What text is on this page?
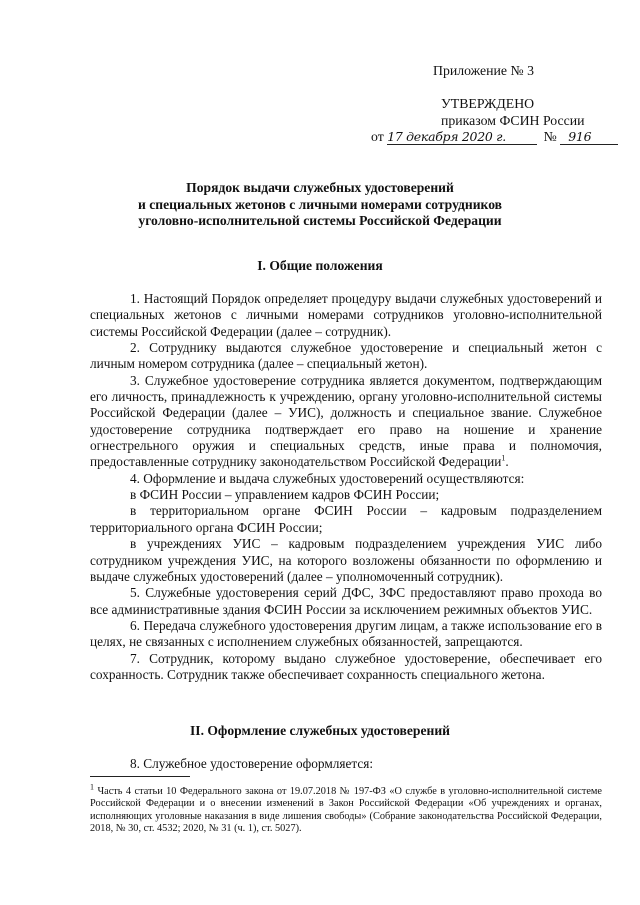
Приложение № 3
УТВЕРЖДЕНО
приказом ФСИН России
от 17 декабря 2020 г.	№ 916
Порядок выдачи служебных удостоверений
и специальных жетонов с личными номерами сотрудников
уголовно-исполнительной системы Российской Федерации
I. Общие положения

1. Настоящий Порядок определяет процедуру выдачи служебных удостоверений и специальных жетонов с личными номерами сотрудников уголовно-исполнительной системы Российской Федерации (далее – сотрудник).

2. Сотруднику выдаются служебное удостоверение и специальный жетон с личным номером сотрудника (далее – специальный жетон).

3. Служебное удостоверение сотрудника является документом, подтверждающим его личность, принадлежность к учреждению, органу уголовно-исполнительной системы Российской Федерации (далее – УИС), должность и специальное звание. Служебное удостоверение сотрудника подтверждает его право на ношение и хранение огнестрельного оружия и специальных средств, иные права и полномочия, предоставленные сотруднику законодательством Российской Федерации$^1$.

4. Оформление и выдача служебных удостоверений осуществляются:

в ФСИН России – управлением кадров ФСИН России;

в территориальном органе ФСИН России – кадровым подразделением территориального органа ФСИН России;

в учреждениях УИС – кадровым подразделением учреждения УИС либо сотрудником учреждения УИС, на которого возложены обязанности по оформлению и выдаче служебных удостоверений (далее – уполномоченный сотрудник).

5. Служебные удостоверения серий ДФС, ЗФС предоставляют право прохода во все административные здания ФСИН России за исключением режимных объектов УИС.

6. Передача служебного удостоверения другим лицам, а также использование его в целях, не связанных с исполнением служебных обязанностей, запрещаются.

7. Сотрудник, которому выдано служебное удостоверение, обеспечивает его сохранность. Сотрудник также обеспечивает сохранность специального жетона.

II. Оформление служебных удостоверений

8. Служебное удостоверение оформляется:

$^1$ Часть 4 статьи 10 Федерального закона от 19.07.2018 № 197-ФЗ «О службе в уголовно-исполнительной системе Российской Федерации и о внесении изменений в Закон Российской Федерации «Об учреждениях и органах, исполняющих уголовные наказания в виде лишения свободы» (Собрание законодательства Российской Федерации, 2018, № 30, ст. 4532; 2020, № 31 (ч. 1), ст. 5027).
